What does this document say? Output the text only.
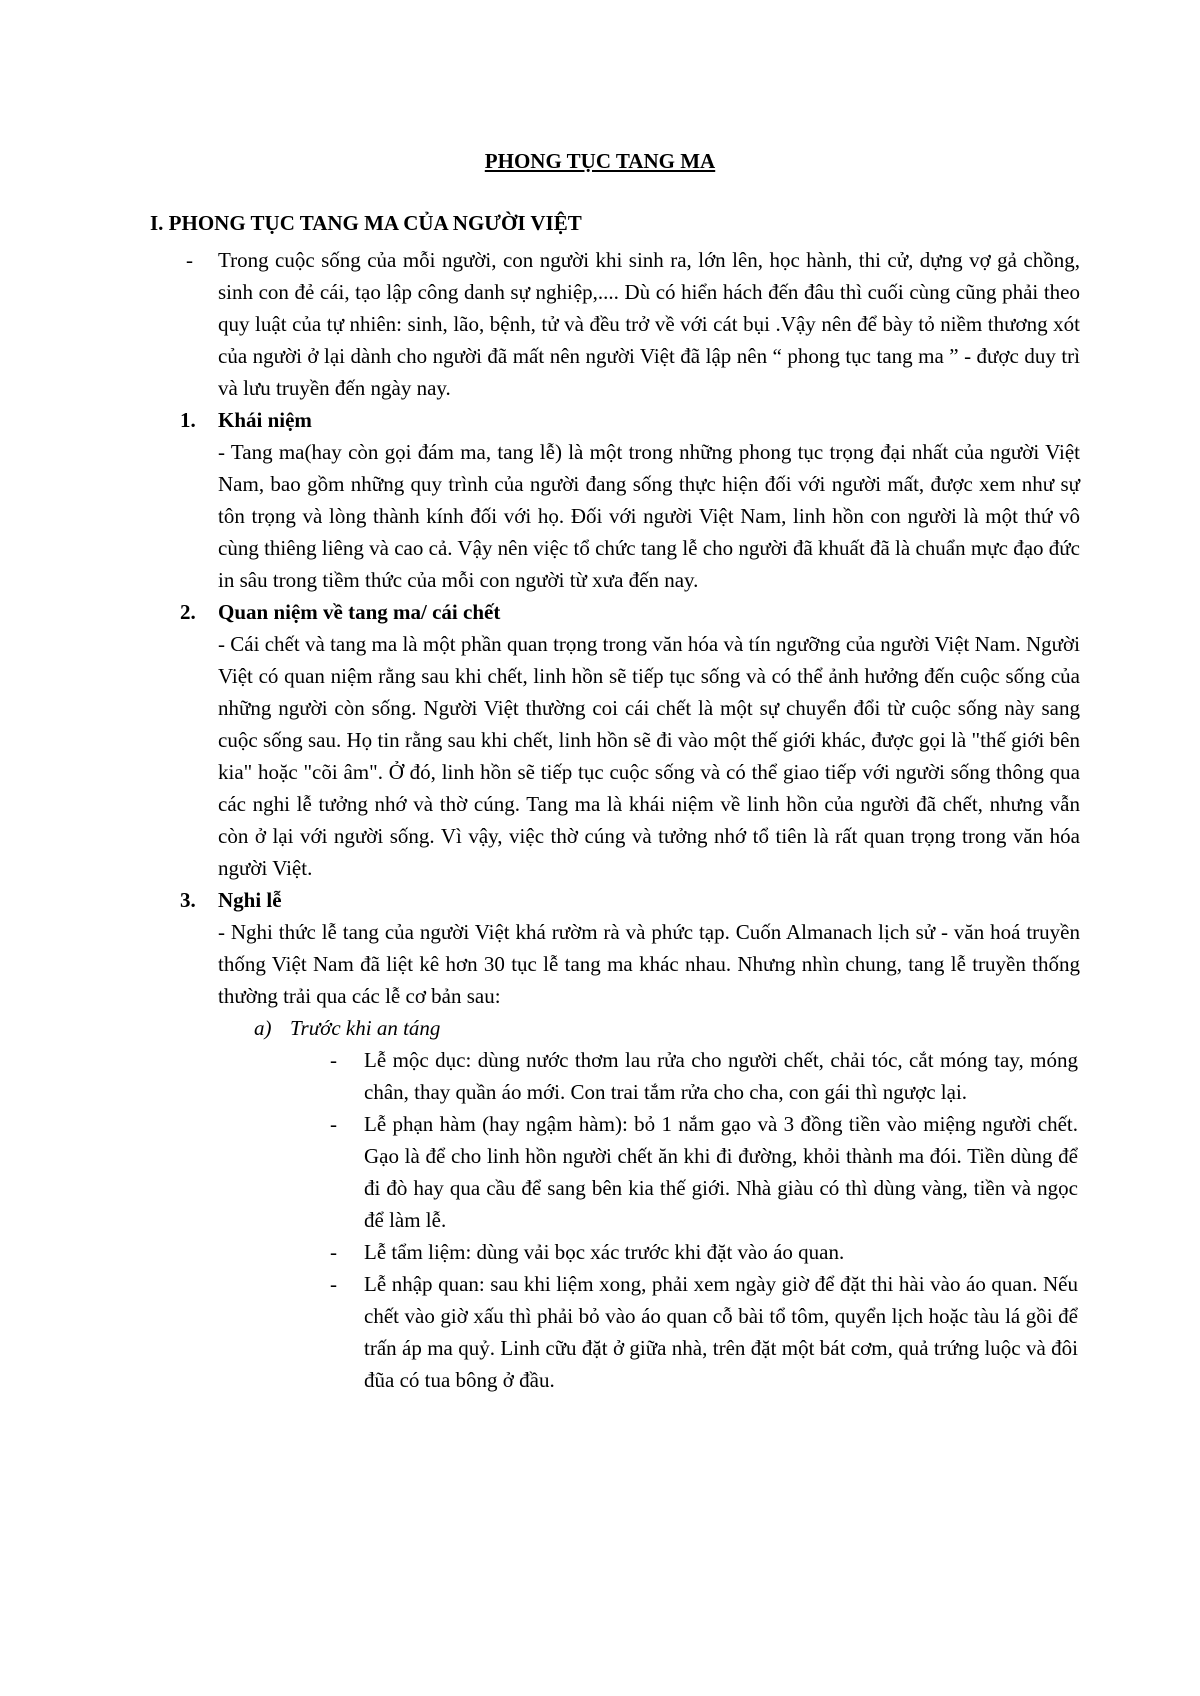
PHONG TỤC TANG MA
I. PHONG TỤC TANG MA CỦA NGƯỜI VIỆT

- Trong cuộc sống của mỗi người, con người khi sinh ra, lớn lên, học hành, thi cử, dựng vợ gả chồng, sinh con đẻ cái, tạo lập công danh sự nghiệp,.... Dù có hiển hách đến đâu thì cuối cùng cũng phải theo quy luật của tự nhiên: sinh, lão, bệnh, tử và đều trở về với cát bụi .Vậy nên để bày tỏ niềm thương xót của người ở lại dành cho người đã mất nên người Việt đã lập nên “ phong tục tang ma ” - được duy trì và lưu truyền đến ngày nay.

1. Khái niệm

- Tang ma(hay còn gọi đám ma, tang lễ) là một trong những phong tục trọng đại nhất của người Việt Nam, bao gồm những quy trình của người đang sống thực hiện đối với người mất, được xem như sự tôn trọng và lòng thành kính đối với họ. Đối với người Việt Nam, linh hồn con người là một thứ vô cùng thiêng liêng và cao cả. Vậy nên việc tổ chức tang lễ cho người đã khuất đã là chuẩn mực đạo đức in sâu trong tiềm thức của mỗi con người từ xưa đến nay.

2. Quan niệm về tang ma/ cái chết

- Cái chết và tang ma là một phần quan trọng trong văn hóa và tín ngưỡng của người Việt Nam. Người Việt có quan niệm rằng sau khi chết, linh hồn sẽ tiếp tục sống và có thể ảnh hưởng đến cuộc sống của những người còn sống. Người Việt thường coi cái chết là một sự chuyển đổi từ cuộc sống này sang cuộc sống sau. Họ tin rằng sau khi chết, linh hồn sẽ đi vào một thế giới khác, được gọi là "thế giới bên kia" hoặc "cõi âm". Ở đó, linh hồn sẽ tiếp tục cuộc sống và có thể giao tiếp với người sống thông qua các nghi lễ tưởng nhớ và thờ cúng. Tang ma là khái niệm về linh hồn của người đã chết, nhưng vẫn còn ở lại với người sống. Vì vậy, việc thờ cúng và tưởng nhớ tổ tiên là rất quan trọng trong văn hóa người Việt.

3. Nghi lễ

- Nghi thức lễ tang của người Việt khá rườm rà và phức tạp. Cuốn Almanach lịch sử - văn hoá truyền thống Việt Nam đã liệt kê hơn 30 tục lễ tang ma khác nhau. Nhưng nhìn chung, tang lễ truyền thống thường trải qua các lễ cơ bản sau:

a) Trước khi an táng

- Lễ mộc dục: dùng nước thơm lau rửa cho người chết, chải tóc, cắt móng tay, móng chân, thay quần áo mới. Con trai tắm rửa cho cha, con gái thì ngược lại.

- Lễ phạn hàm (hay ngậm hàm): bỏ 1 nắm gạo và 3 đồng tiền vào miệng người chết. Gạo là để cho linh hồn người chết ăn khi đi đường, khỏi thành ma đói. Tiền dùng để đi đò hay qua cầu để sang bên kia thế giới. Nhà giàu có thì dùng vàng, tiền và ngọc để làm lễ.

- Lễ tẩm liệm: dùng vải bọc xác trước khi đặt vào áo quan.

- Lễ nhập quan: sau khi liệm xong, phải xem ngày giờ để đặt thi hài vào áo quan. Nếu chết vào giờ xấu thì phải bỏ vào áo quan cỗ bài tổ tôm, quyển lịch hoặc tàu lá gồi để trấn áp ma quỷ. Linh cữu đặt ở giữa nhà, trên đặt một bát cơm, quả trứng luộc và đôi đũa có tua bông ở đầu.
